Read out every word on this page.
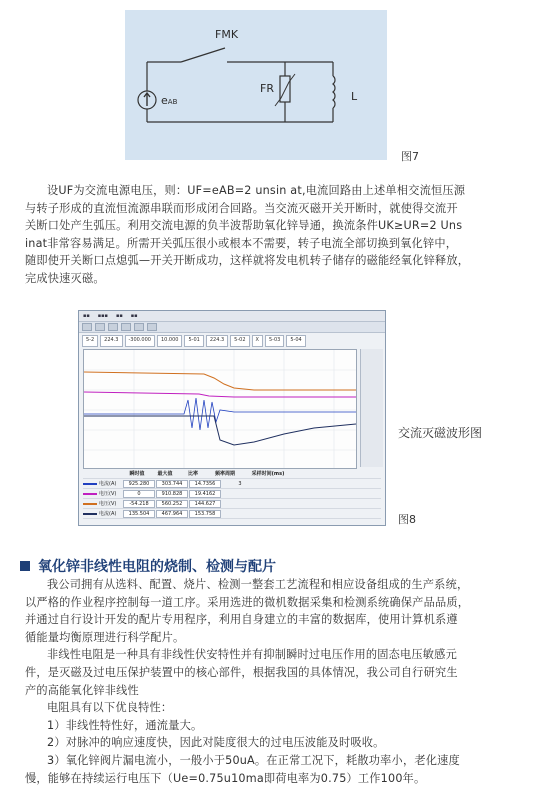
FMK
FR
L
eAB
图7

设UF为交流电源电压，则：UF=eAB=2 unsin at,电流回路由上述单相交流恒压源

与转子形成的直流恒流源串联而形成闭合回路。当交流灭磁开关开断时，就使得交流开

关断口处产生弧压。利用交流电源的负半波帮助氧化锌导通，换流条件UK≥UR=2 Uns

inat非常容易满足。所需开关弧压很小或根本不需要，转子电流全部切换到氧化锌中，

随即使开关断口点熄弧—开关开断成功，这样就将发电机转子储存的磁能经氧化锌释放，

完成快速灭磁。

▪▪ ▪▪▪ ▪▪ ▪▪
5-2	224.3	-300.000	10.000	5-01	224.3	5-02	X	5-03	5-04
瞬时值	最大值	比率	频率周期	采样时间(ms)
电流(A)	925.280	303.744	14.7356	3
电压(V)	0	910.828	19.4162
电压(V)	-54.218	560.252	144.627
电流(A)	135.504	467.964	153.758
交流灭磁波形图
图8
氧化锌非线性电阻的烧制、检测与配片

我公司拥有从选料、配置、烧片、检测一整套工艺流程和相应设备组成的生产系统，

以严格的作业程序控制每一道工序。采用选进的微机数据采集和检测系统确保产品品质，

并通过自行设计开发的配片专用程序，利用自身建立的丰富的数据库，使用计算机系遵

循能量均衡原理进行科学配片。

非线性电阻是一种具有非线性伏安特性并有抑制瞬时过电压作用的固态电压敏感元

件，是灭磁及过电压保护装置中的核心部件，根据我国的具体情况，我公司自行研究生

产的高能氧化锌非线性

电阻具有以下优良特性：

1）非线性特性好，通流量大。

2）对脉冲的响应速度快，因此对陡度很大的过电压波能及时吸收。

3）氧化锌阀片漏电流小，一般小于50uA。在正常工况下，耗散功率小，老化速度

慢，能够在持续运行电压下（Ue=0.75u10ma即荷电率为0.75）工作100年。
